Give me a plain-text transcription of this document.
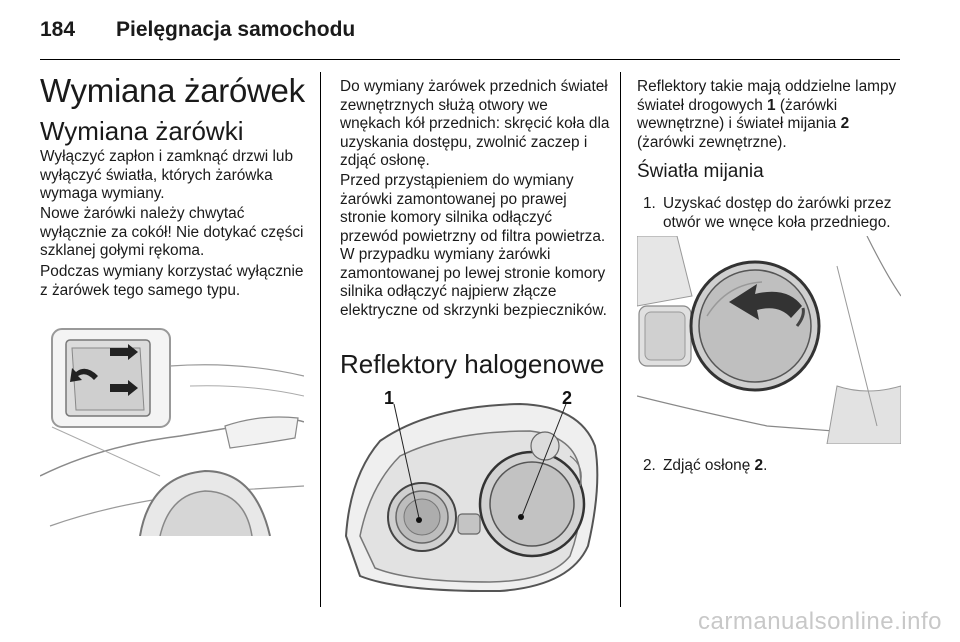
184 Pielęgnacja samochodu
Wymiana żarówek
Wymiana żarówki
Wyłączyć zapłon i zamknąć drzwi lub wyłączyć światła, których żarówka wymaga wymiany.
Nowe żarówki należy chwytać wyłącznie za cokół! Nie dotykać części szklanej gołymi rękoma.
Podczas wymiany korzystać wyłącznie z żarówek tego samego typu.
Do wymiany żarówek przednich świateł zewnętrznych służą otwory we wnękach kół przednich: skręcić koła dla uzyskania dostępu, zwolnić zaczep i zdjąć osłonę.
Przed przystąpieniem do wymiany żarówki zamontowanej po prawej stronie komory silnika odłączyć przewód powietrzny od filtra powietrza. W przypadku wymiany żarówki zamontowanej po lewej stronie komory silnika odłączyć najpierw złącze elektryczne od skrzynki bezpieczników.
Reflektory halogenowe
1	2
Reflektory takie mają oddzielne lampy świateł drogowych 1 (żarówki wewnętrzne) i świateł mijania 2 (żarówki zewnętrzne).
Światła mijania
1. Uzyskać dostęp do żarówki przez otwór we wnęce koła przedniego.
2. Zdjąć osłonę 2.
carmanualsonline.info
